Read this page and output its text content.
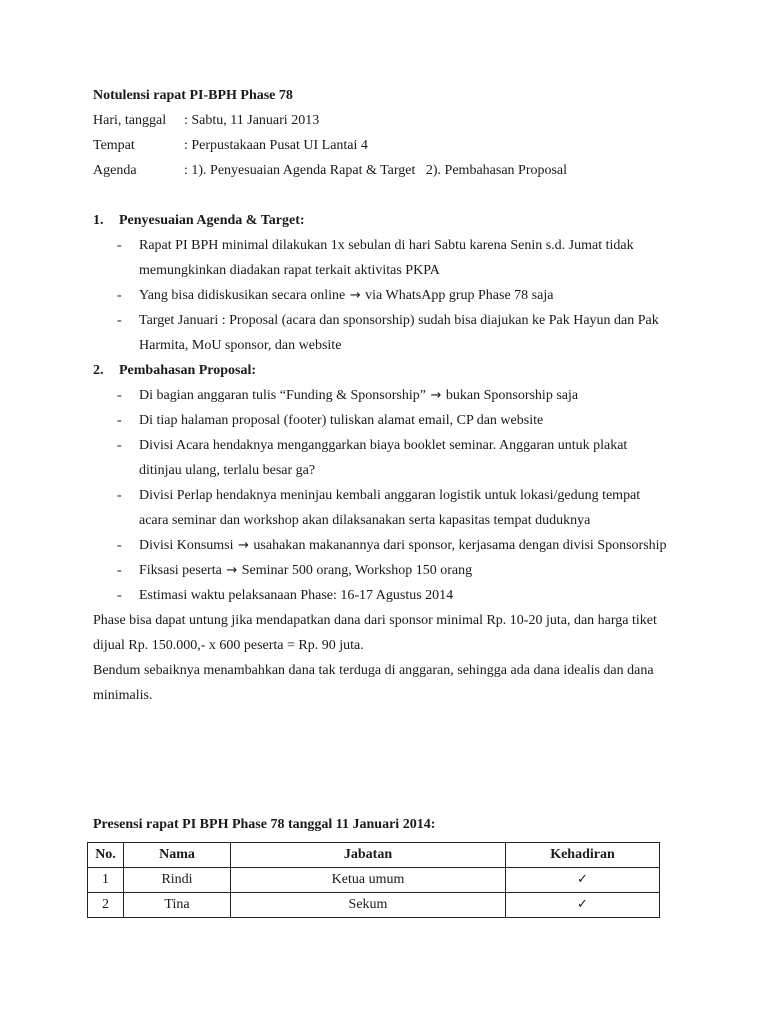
Notulensi rapat PI-BPH Phase 78
Hari, tanggal	: Sabtu, 11 Januari 2013
Tempat	: Perpustakaan Pusat UI Lantai 4
Agenda	: 1). Penyesuaian Agenda Rapat & Target   2). Pembahasan Proposal
1.	Penyesuaian Agenda & Target:
- Rapat PI BPH minimal dilakukan 1x sebulan di hari Sabtu karena Senin s.d. Jumat tidak memungkinkan diadakan rapat terkait aktivitas PKPA
- Yang bisa didiskusikan secara online → via WhatsApp grup Phase 78 saja
- Target Januari : Proposal (acara dan sponsorship) sudah bisa diajukan ke Pak Hayun dan Pak Harmita, MoU sponsor, dan website
2.	Pembahasan Proposal:
- Di bagian anggaran tulis “Funding & Sponsorship” → bukan Sponsorship saja
- Di tiap halaman proposal (footer) tuliskan alamat email, CP dan website
- Divisi Acara hendaknya menganggarkan biaya booklet seminar. Anggaran untuk plakat ditinjau ulang, terlalu besar ga?
- Divisi Perlap hendaknya meninjau kembali anggaran logistik untuk lokasi/gedung tempat acara seminar dan workshop akan dilaksanakan serta kapasitas tempat duduknya
- Divisi Konsumsi → usahakan makanannya dari sponsor, kerjasama dengan divisi Sponsorship
- Fiksasi peserta → Seminar 500 orang, Workshop 150 orang
- Estimasi waktu pelaksanaan Phase: 16-17 Agustus 2014

Phase bisa dapat untung jika mendapatkan dana dari sponsor minimal Rp. 10-20 juta, dan harga tiket dijual Rp. 150.000,- x 600 peserta = Rp. 90 juta.

Bendum sebaiknya menambahkan dana tak terduga di anggaran, sehingga ada dana idealis dan dana minimalis.

Presensi rapat PI BPH Phase 78 tanggal 11 Januari 2014:
No.	Nama	Jabatan	Kehadiran
1	Rindi	Ketua umum	✓
2	Tina	Sekum	✓
